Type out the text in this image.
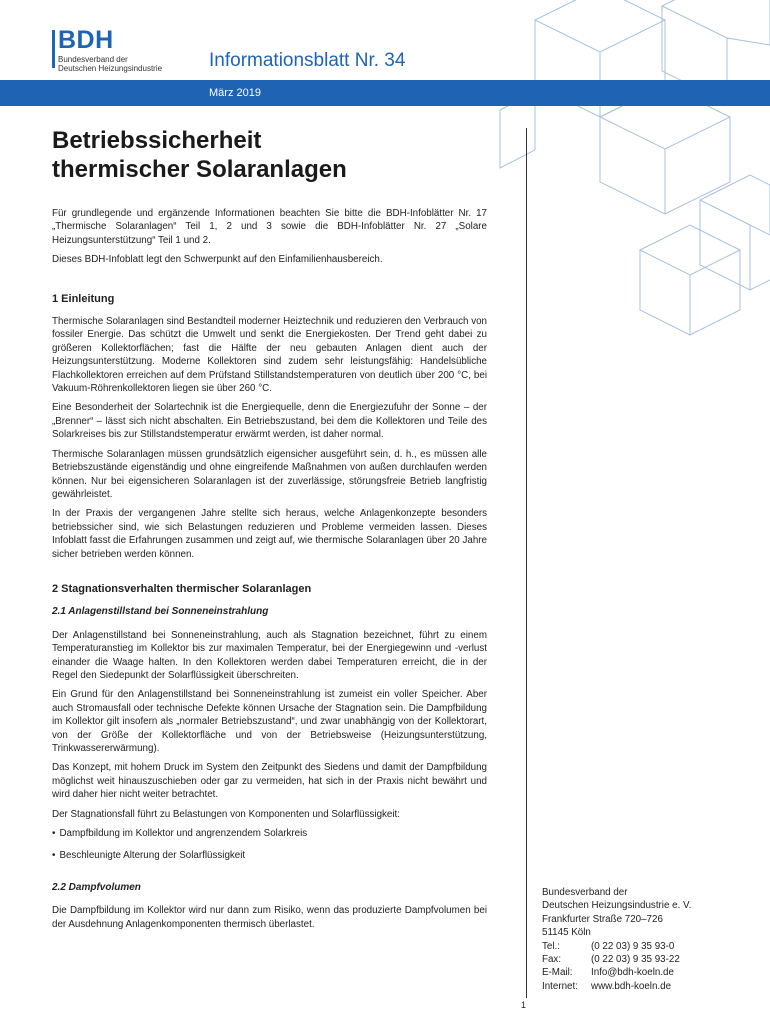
BDH
Bundesverband der
Deutschen Heizungsindustrie Informationsblatt Nr. 34
März 2019
Betriebssicherheit
thermischer Solaranlagen

Für grundlegende und ergänzende Informationen beachten Sie bitte die BDH-Infoblätter Nr. 17 „Thermische Solaranlagen“ Teil 1, 2 und 3 sowie die BDH-Infoblätter Nr. 27 „Solare Heizungsunterstützung“ Teil 1 und 2.

Dieses BDH-Infoblatt legt den Schwerpunkt auf den Einfamilienhausbereich.

1 Einleitung

Thermische Solaranlagen sind Bestandteil moderner Heiztechnik und reduzieren den Verbrauch von fossiler Energie. Das schützt die Umwelt und senkt die Energiekosten. Der Trend geht dabei zu größeren Kollektorflächen; fast die Hälfte der neu gebauten Anlagen dient auch der Heizungsunterstützung. Moderne Kollektoren sind zudem sehr leistungsfähig: Handelsübliche Flachkollektoren erreichen auf dem Prüfstand Stillstandstemperaturen von deutlich über 200 °C, bei Vakuum-Röhrenkollektoren liegen sie über 260 °C.

Eine Besonderheit der Solartechnik ist die Energiequelle, denn die Energiezufuhr der Sonne – der „Brenner“ – lässt sich nicht abschalten. Ein Betriebszustand, bei dem die Kollektoren und Teile des Solarkreises bis zur Stillstandstemperatur erwärmt werden, ist daher normal.

Thermische Solaranlagen müssen grundsätzlich eigensicher ausgeführt sein, d. h., es müssen alle Betriebszustände eigenständig und ohne eingreifende Maßnahmen von außen durchlaufen werden können. Nur bei eigensicheren Solaranlagen ist der zuverlässige, störungsfreie Betrieb langfristig gewährleistet.

In der Praxis der vergangenen Jahre stellte sich heraus, welche Anlagenkonzepte besonders betriebssicher sind, wie sich Belastungen reduzieren und Probleme vermeiden lassen. Dieses Infoblatt fasst die Erfahrungen zusammen und zeigt auf, wie thermische Solaranlagen über 20 Jahre sicher betrieben werden können.

2 Stagnationsverhalten thermischer Solaranlagen
2.1 Anlagenstillstand bei Sonneneinstrahlung

Der Anlagenstillstand bei Sonneneinstrahlung, auch als Stagnation bezeichnet, führt zu einem Temperaturanstieg im Kollektor bis zur maximalen Temperatur, bei der Energiegewinn und -verlust einander die Waage halten. In den Kollektoren werden dabei Temperaturen erreicht, die in der Regel den Siedepunkt der Solarflüssigkeit überschreiten.

Ein Grund für den Anlagenstillstand bei Sonneneinstrahlung ist zumeist ein voller Speicher. Aber auch Stromausfall oder technische Defekte können Ursache der Stagnation sein. Die Dampfbildung im Kollektor gilt insofern als „normaler Betriebszustand“, und zwar unabhängig von der Kollektorart, von der Größe der Kollektorfläche und von der Betriebsweise (Heizungsunterstützung, Trinkwassererwärmung).

Das Konzept, mit hohem Druck im System den Zeitpunkt des Siedens und damit der Dampfbildung möglichst weit hinauszuschieben oder gar zu vermeiden, hat sich in der Praxis nicht bewährt und wird daher hier nicht weiter betrachtet.

Der Stagnationsfall führt zu Belastungen von Komponenten und Solarflüssigkeit:

• Dampfbildung im Kollektor und angrenzendem Solarkreis
• Beschleunigte Alterung der Solarflüssigkeit
2.2 Dampfvolumen

Die Dampfbildung im Kollektor wird nur dann zum Risiko, wenn das produzierte Dampfvolumen bei der Ausdehnung Anlagenkomponenten thermisch überlastet.

Bundesverband der
Deutschen Heizungsindustrie e. V.
Frankfurter Straße 720–726
51145 Köln
Tel.:	(0 22 03) 9 35 93-0
Fax:	(0 22 03) 9 35 93-22
E-Mail:	Info@bdh-koeln.de
Internet:	www.bdh-koeln.de
1
